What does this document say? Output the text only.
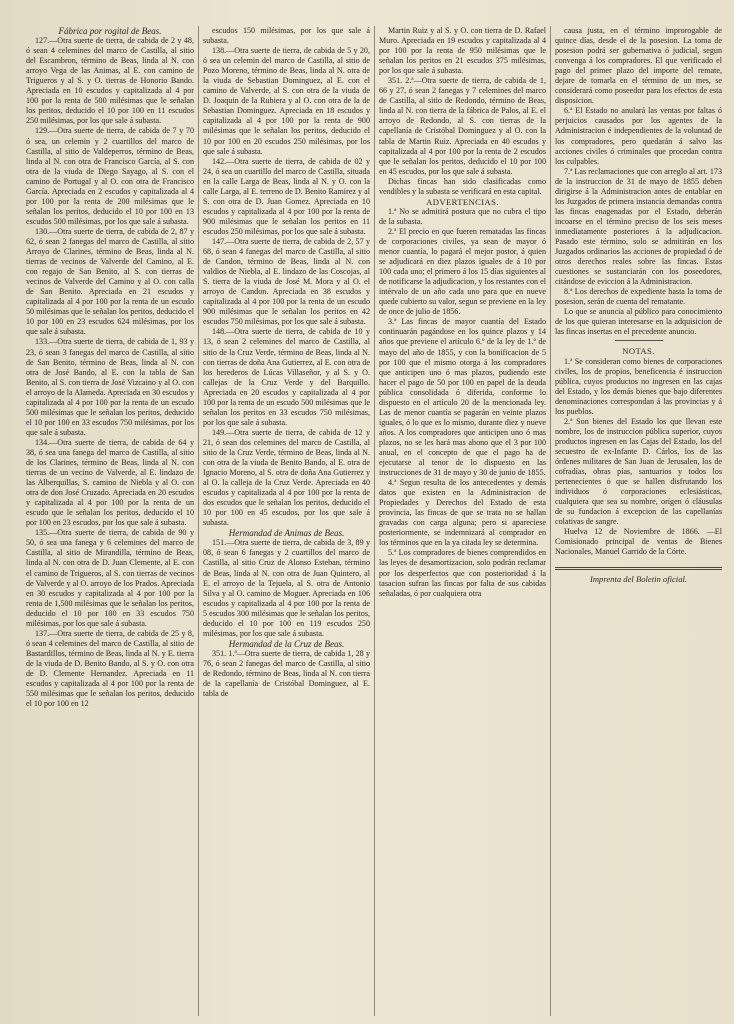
Fábrica por rogital de Beas.

127.—Otra suerte de tierra, de cabida de 2 y 48, ó sean 4 celemines del marco de Castilla, al sitio del Escambron, término de Beas, linda al N. con arroyo Vega de las Animas, al E. con camino de Trigueros y al S. y O. tierras de Honorio Bando. Apreciada en 10 escudos y capitalizada al 4 por 100 por la renta de 500 milésimas que le señalan los peritos, deducido el 10 por 100 en 11 escudos 250 milésimas, por los que sale á subasta.

129.—Otra suerte de tierra, de cabida de 7 y 70 ó sea, un celemin y 2 cuartillos del marco de Castilla, al sitio de Valdeperros, término de Beas, linda al N. con otra de Francisco García, al S. con otra de la viuda de Diego Sayago, al S. con el camino de Portugal y al O. con otra de Francisco García. Apreciada en 2 escudos y capitalizada al 4 por 100 por la renta de 200 milésimas que le señalan los peritos, deducido el 10 por 100 en 13 escudos 500 milésimas, por los que sale á subasta.

130.—Otra suerte de tierra, de cabida de 2, 87 y 62, ó sean 2 fanegas del marco de Castilla, al sitio Arroyo de Clarines, término de Beas, linda al N. tierras de vecinos de Valverde del Camino, al E. con regajo de San Benito, al S. con tierras de vecinos de Valverde del Camino y al O. con calla de San Benito. Apreciada en 21 escudos y capitalizada al 4 por 100 por la renta de un escudo 50 milésimas que le señalan los peritos, deducido el 10 por 100 en 23 escudos 624 milésimas, por los que sale á subasta.

133.—Otra suerte de tierra, de cabida de 1, 93 y 23, ó sean 3 fanegas del marco de Castilla, al sitio de San Benito, término de Beas, linda al N. con otra de José Bando, al E. con la tabla de San Benito, al S. con tierra de José Vizcaino y al O. con el arroyo de la Alameda. Apreciada en 30 escudos y capitalizada al 4 por 100 por la renta de un escudo 500 milésimas que le señalan los peritos, deducido el 10 por 100 en 33 escudos 750 milésimas, por los que sale á subasta.

134.—Otra suerte de tierra, de cabida de 64 y 38, ó sea una fanega del marco de Castilla, al sitio de los Clarines, término de Beas, linda al N. con tierras de un vecino de Valverde, al E. lindazo de las Alberquillas, S. camino de Niebla y al O. con otra de don José Cruzado. Apreciada en 20 escudos y capitalizada al 4 por 100 por la renta de un escudo que le señalan los peritos, deducido el 10 por 100 en 23 escudos, por los que sale á subasta.

135.—Otra suerte de tierra, de cabida de 90 y 50, ó sea una fanega y 6 celemines del marco de Castilla, al sitio de Mirandilla, término de Beas, linda al N. con otra de D. Juan Clemente, al E. con el camino de Trigueros, al S. con tierras de vecinos de Valverde y al O. arroyo de los Prados. Apreciada en 30 escudos y capitalizada al 4 por 100 por la renta de 1,500 milésimas que le señalan los peritos, deducido el 10 por 100 en 33 escudos 750 milésimas, por los que sale á subasta.

137.—Otra suerte de tierra, de cabida de 25 y 8, ó sean 4 celemines del marco de Castilla, al sitio de Bastardillos, término de Beas, linda al N. y E. tierra de la viuda de D. Benito Bando, al S. y O. con otra de D. Clemente Hernandez. Apreciada en 11 escudos y capitalizada al 4 por 100 por la renta de 550 milésimas que le señalan los peritos, deducido el 10 por 100 en 12

escudos 150 milésimas, por los que sale á subasta.

138.—Otra suerte de tierra, de cabida de 5 y 20, ó sea un celemin del marco de Castilla, al sitio de Pozo Moreno, término de Beas, linda al N. otra de la viuda de Sebastian Dominguez, al E. con el camino de Valverde, al S. con otra de la viuda de D. Joaquin de la Rubiera y al O. con otra de la de Sebastian Dominguez. Apreciada en 18 escudos y capitalizada al 4 por 100 por la renta de 900 milésimas que le señalan los peritos, deducido el 10 por 100 en 20 escudos 250 milésimas, por los que sale á subasta.

142.—Otra suerte de tierra, de cabida de 02 y 24, ó sea un cuartillo del marco de Castilla, situada en la calle Larga de Beas, linda al N. y O. con la calle Larga, al E. terreno de D. Benito Ramirez y al S. con otra de D. Juan Gomez. Apreciada en 10 escudos y capitalizada al 4 por 100 por la renta de 900 milésimas que le señalan los peritos en 11 escudos 250 milésimas, por los que sale á subasta.

147.—Otra suerte de tierra, de cabida de 2, 57 y 68, ó sean 4 fanegas del marco de Castilla, al sitio de Candon, término de Beas, linda al N. con valdios de Niebla, al E. lindazo de las Coscojas, al S. tierra de la viuda de José M. Mora y al O. el arroyo de Candon. Apreciada en 38 escudos y capitalizada al 4 por 100 por la renta de un escudo 900 milésimas que le señalan los peritos en 42 escudos 750 milésimas, por los que sale á subasta.

148.—Otra suerte de tierra, de cabida de 10 y 13, ó sean 2 celemines del marco de Castilla, al sitio de la Cruz Verde, término de Beas, linda al N. con tierras de doña Ana Gutierrez, al E. con otra de los herederos de Lúcas Villaseñor, y al S. y O. callejas de la Cruz Verde y del Barquillo. Apreciada en 20 escudos y capitalizada al 4 por 100 por la renta de un escudo 500 milésimas que le señalan los peritos en 33 escudos 750 milésimas, por los que sale á subasta.

149.—Otra suerte de tierra, de cabida de 12 y 21, ó sean dos celemines del marco de Castilla, al sitio de la Cruz Verde, término de Beas, linda al N. con otra de la viuda de Benito Bando, al E. otra de Ignacio Moreno, al S. otra de doña Ana Gutierrez y al O. la calleja de la Cruz Verde. Apreciada en 40 escudos y capitalizada al 4 por 100 por la renta de dos escudos que le señalan los peritos, deducido el 10 por 100 en 45 escudos, por los que sale á subasta.

Hermandad de Animas de Beas.

151.—Otra suerte de tierra, de cabida de 3, 89 y 08, ó sean 6 fanegas y 2 cuartillos del marco de Castilla, al sitio Cruz de Alonso Esteban, término de Beas, linda al N. con otra de Juan Quintero, al E. el arroyo de la Tejuela, al S. otra de Antonio Silva y al O. camino de Moguer. Apreciada en 106 escudos y capitalizada al 4 por 100 por la renta de 5 escudos 300 milésimas que le señalan los peritos, deducido el 10 por 100 en 119 escudos 250 milésimas, por los que sale á subasta.

Hermandad de la Cruz de Beas.

351. 1.ª—Otra suerte de tierra, de cabida 1, 28 y 76, ó sean 2 fanegas del marco de Castilla, al sitio de Redondo, término de Beas, linda al N. con tierra de la capellanía de Cristóbal Dominguez, al E. tabla de

Martin Ruiz y al S. y O. con tierra de D. Rafael Muro. Apreciada en 19 escudos y capitalizada al 4 por 100 por la renta de 950 milésimas que le señalan los peritos en 21 escudos 375 milésimas, por los que sale á subasta.

351. 2.ª—Otra suerte de tierra, de cabida de 1, 66 y 27, ó sean 2 fanegas y 7 celemines del marco de Castilla, al sitio de Redondo, término de Beas, linda al N. con tierra de la fábrica de Palos, al E. el arroyo de Redondo, al S. con tierras de la capellanía de Cristóbal Dominguez y al O. con la tabla de Martin Ruiz. Apreciada en 40 escudos y capitalizada al 4 por 100 por la renta de 2 escudos que le señalan los peritos, deducido el 10 por 100 en 45 escudos, por los que sale á subasta.

Dichas fincas han sido clasificadas como vendibles y la subasta se verificará en esta capital.

ADVERTENCIAS.

1.ª No se admitirá postura que no cubra el tipo de la subasta.

2.ª El precio en que fueren rematadas las fincas de corporaciones civiles, ya sean de mayor ó menor cuantía, lo pagará el mejor postor, á quien se adjudicará en diez plazos iguales de á 10 por 100 cada uno; el primero á los 15 días siguientes al de notificarse la adjudicacion, y los restantes con el intérvalo de un año cada uno para que en nueve quede cubierto su valor, segun se previene en la ley de once de julio de 1856.

3.ª Las fincas de mayor cuantía del Estado continuarán pagándose en los quince plazos y 14 años que previene el artículo 6.º de la ley de 1.º de mayo del año de 1855, y con la bonificacion de 5 por 100 que el mismo otorga á los compradores que anticipen uno ó mas plazos, pudiendo este hacer el pago de 50 por 100 en papel de la deuda pública consolidada ó diferida, conforme lo dispuesto en el artículo 20 de la mencionada ley. Las de menor cuantía se pagarán en veinte plazos iguales, ó lo que es lo mismo, durante diez y nueve años. A los compradores que anticipen uno ó mas plazos, no se les hará mas abono que el 3 por 100 anual, en el concepto de que el pago ha de ejecutarse al tenor de lo dispuesto en las instrucciones de 31 de mayo y 30 de junio de 1855.

4.ª Segun resulta de los antecedentes y demás datos que existen en la Administracion de Propiedades y Derechos del Estado de esta provincia, las fincas de que se trata no se hallan gravadas con carga alguna; pero si apareciese posteriormente, se indemnizará al comprador en los términos que en la ya citada ley se determina.

5.ª Los compradores de bienes comprendidos en las leyes de desamortizacion, solo podrán reclamar por los desperfectos que con posterioridad á la tasacion sufran las fincas por falta de sus cabidas señaladas, ó por cualquiera otra

causa justa, en el término improrogable de quince días, desde el de la posesion. La toma de posesion podrá ser gubernativa ó judicial, segun convenga á los compradores. El que verificado el pago del primer plazo del importe del remate, dejare de tomarla en el término de un mes, se considerará como poseedor para los efectos de esta disposicion.

6.ª El Estado no anulará las ventas por faltas ó perjuicios causados por los agentes de la Administracion é independientes de la voluntad de los compradores, pero quedarán á salvo las acciones civiles ó criminales que procedan contra los culpables.

7.ª Las reclamaciones que con arreglo al art. 173 de la instruccion de 31 de mayo de 1855 deben dirigirse á la Administracion antes de entablar en los Juzgados de primera instancia demandas contra las fincas enagenadas por el Estado, deberán incoarse en el término preciso de los seis meses inmediatamente posteriores á la adjudicacion. Pasado este término, solo se admitirán en los Juzgados ordinarios las acciones de propiedad ó de otros derechos reales sobre las fincas. Estas cuestiones se sustanciarán con los poseedores, citándose de eviccion á la Administracion.

8.ª Los derechos de expediente hasta la toma de posesion, serán de cuenta del rematante.

Lo que se anuncia al público para conocimiento de los que quieran interesarse en la adquisicion de las fincas insertas en el precedente anuncio.

NOTAS.

1.ª Se consideran como bienes de corporaciones civiles, los de propios, beneficencia é instruccion pública, cuyos productos no ingresen en las cajas del Estado, y los demás bienes que bajo diferentes denominaciones correspondan á las provincias y á los pueblos.

2.ª Son bienes del Estado los que llevan este nombre, los de instruccion pública superior, cuyos productos ingresen en las Cajas del Estado, los del secuestro de ex-Infante D. Cárlos, los de las órdenes militares de San Juan de Jerusalen, los de cofradías, obras pías, santuarios y todos los pertenecientes ó que se hallen disfrutando los individuos ó corporaciones eclesiásticas, cualquiera que sea su nombre, orígen ó cláusulas de su fundacion á excepcion de las capellanías colativas de sangre.

Huelva 12 de Noviembre de 1866. —El Comisionado principal de ventas de Bienes Nacionales, Manuel Garrido de la Córte.

Imprenta del Boletin oficial.
